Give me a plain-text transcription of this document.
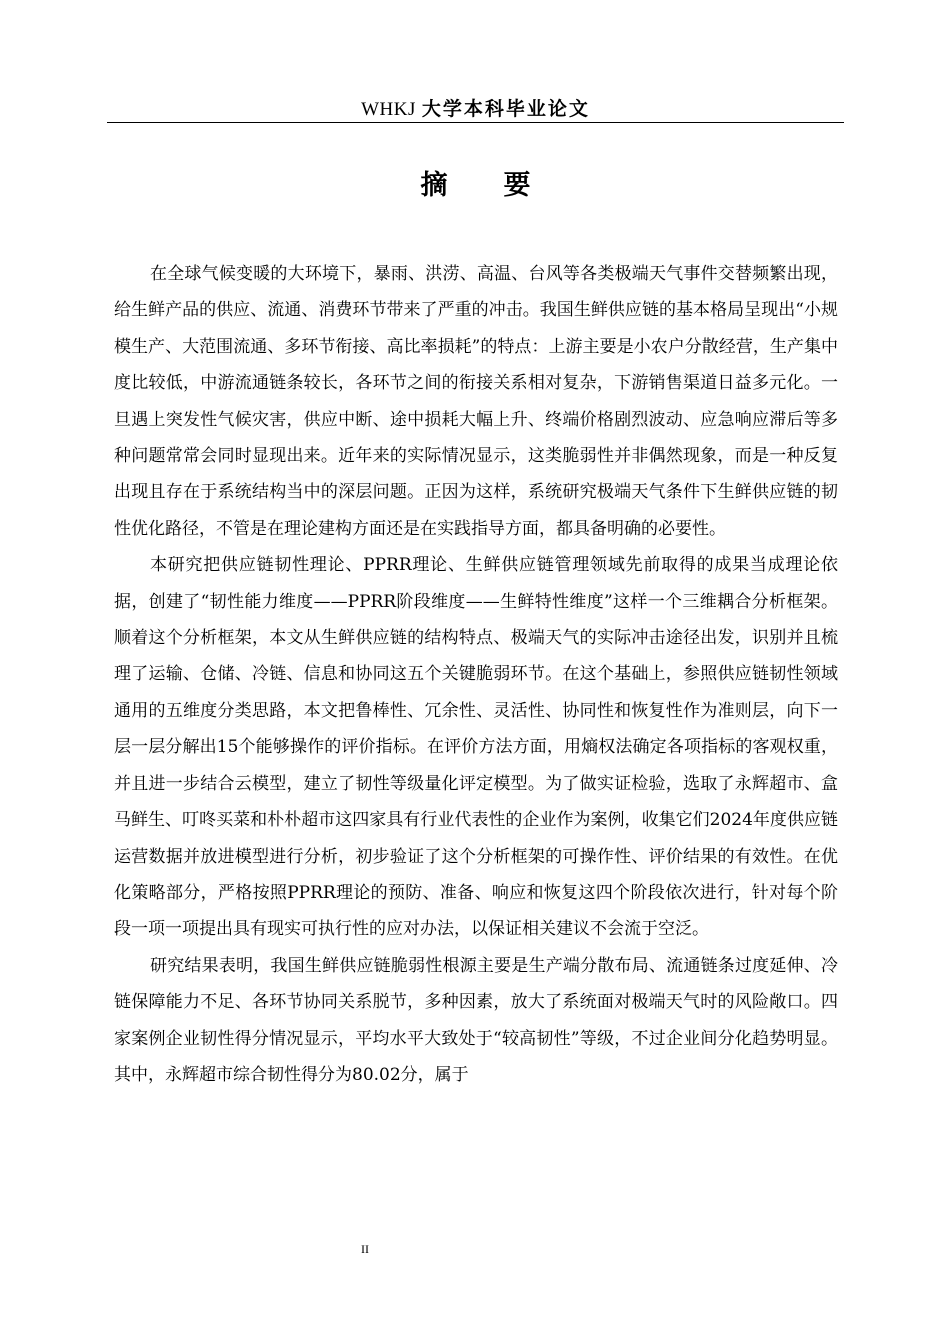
WHKJ 大学本科毕业论文
摘要

在全球气候变暖的大环境下，暴雨、洪涝、高温、台风等各类极端天气事件交替频繁出现，给生鲜产品的供应、流通、消费环节带来了严重的冲击。我国生鲜供应链的基本格局呈现出“小规模生产、大范围流通、多环节衔接、高比率损耗”的特点：上游主要是小农户分散经营，生产集中度比较低，中游流通链条较长，各环节之间的衔接关系相对复杂，下游销售渠道日益多元化。一旦遇上突发性气候灾害，供应中断、途中损耗大幅上升、终端价格剧烈波动、应急响应滞后等多种问题常常会同时显现出来。近年来的实际情况显示，这类脆弱性并非偶然现象，而是一种反复出现且存在于系统结构当中的深层问题。正因为这样，系统研究极端天气条件下生鲜供应链的韧性优化路径，不管是在理论建构方面还是在实践指导方面，都具备明确的必要性。

本研究把供应链韧性理论、PPRR理论、生鲜供应链管理领域先前取得的成果当成理论依据，创建了“韧性能力维度——PPRR阶段维度——生鲜特性维度”这样一个三维耦合分析框架。顺着这个分析框架，本文从生鲜供应链的结构特点、极端天气的实际冲击途径出发，识别并且梳理了运输、仓储、冷链、信息和协同这五个关键脆弱环节。在这个基础上，参照供应链韧性领域通用的五维度分类思路，本文把鲁棒性、冗余性、灵活性、协同性和恢复性作为准则层，向下一层一层分解出15个能够操作的评价指标。在评价方法方面，用熵权法确定各项指标的客观权重，并且进一步结合云模型，建立了韧性等级量化评定模型。为了做实证检验，选取了永辉超市、盒马鲜生、叮咚买菜和朴朴超市这四家具有行业代表性的企业作为案例，收集它们2024年度供应链运营数据并放进模型进行分析，初步验证了这个分析框架的可操作性、评价结果的有效性。在优化策略部分，严格按照PPRR理论的预防、准备、响应和恢复这四个阶段依次进行，针对每个阶段一项一项提出具有现实可执行性的应对办法，以保证相关建议不会流于空泛。

研究结果表明，我国生鲜供应链脆弱性根源主要是生产端分散布局、流通链条过度延伸、冷链保障能力不足、各环节协同关系脱节，多种因素，放大了系统面对极端天气时的风险敞口。四家案例企业韧性得分情况显示，平均水平大致处于“较高韧性”等级，不过企业间分化趋势明显。其中，永辉超市综合韧性得分为80.02分，属于

II
